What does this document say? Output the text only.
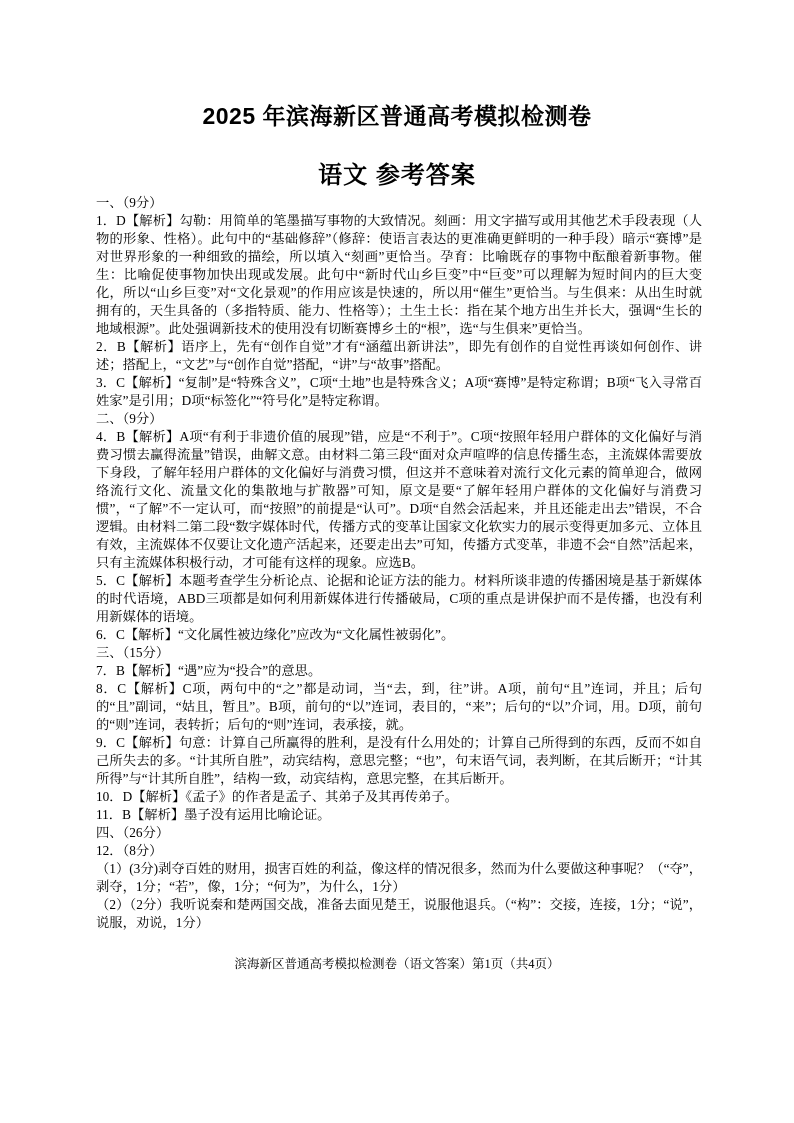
2025 年滨海新区普通高考模拟检测卷
语文 参考答案

一、（9分）

1．D【解析】勾勒：用简单的笔墨描写事物的大致情况。刻画：用文字描写或用其他艺术手段表现（人物的形象、性格）。此句中的“基础修辞”（修辞：使语言表达的更准确更鲜明的一种手段）暗示“赛博”是对世界形象的一种细致的描绘，所以填入“刻画”更恰当。孕育：比喻既存的事物中酝酿着新事物。催生：比喻促使事物加快出现或发展。此句中“新时代山乡巨变”中“巨变”可以理解为短时间内的巨大变化，所以“山乡巨变”对“文化景观”的作用应该是快速的，所以用“催生”更恰当。与生俱来：从出生时就拥有的，天生具备的（多指特质、能力、性格等）；土生土长：指在某个地方出生并长大，强调“生长的地域根源”。此处强调新技术的使用没有切断赛博乡土的“根”，选“与生俱来”更恰当。

2．B【解析】语序上，先有“创作自觉”才有“涵蕴出新讲法”，即先有创作的自觉性再谈如何创作、讲述；搭配上，“文艺”与“创作自觉”搭配，“讲”与“故事”搭配。

3．C【解析】“复制”是“特殊含义”，C项“土地”也是特殊含义；A项“赛博”是特定称谓；B项“飞入寻常百姓家”是引用；D项“标签化”“符号化”是特定称谓。

二、（9分）

4．B【解析】A项“有利于非遗价值的展现”错，应是“不利于”。C项“按照年轻用户群体的文化偏好与消费习惯去赢得流量”错误，曲解文意。由材料二第三段“面对众声喧哗的信息传播生态，主流媒体需要放下身段，了解年轻用户群体的文化偏好与消费习惯，但这并不意味着对流行文化元素的简单迎合，做网络流行文化、流量文化的集散地与扩散器”可知，原文是要“了解年轻用户群体的文化偏好与消费习惯”，“了解”不一定认可，而“按照”的前提是“认可”。D项“自然会活起来，并且还能走出去”错误，不合逻辑。由材料二第二段“数字媒体时代，传播方式的变革让国家文化软实力的展示变得更加多元、立体且有效，主流媒体不仅要让文化遗产活起来，还要走出去”可知，传播方式变革，非遗不会“自然”活起来，只有主流媒体积极行动，才可能有这样的现象。应选B。

5．C【解析】本题考查学生分析论点、论据和论证方法的能力。材料所谈非遗的传播困境是基于新媒体的时代语境，ABD三项都是如何利用新媒体进行传播破局，C项的重点是讲保护而不是传播，也没有利用新媒体的语境。

6．C【解析】“文化属性被边缘化”应改为“文化属性被弱化”。

三、（15分）

7．B【解析】“遇”应为“投合”的意思。

8．C【解析】C项，两句中的“之”都是动词，当“去，到，往”讲。A项，前句“且”连词，并且；后句的“且”副词，“姑且，暂且”。B项，前句的“以”连词，表目的，“来”；后句的“以”介词，用。D项，前句的“则”连词，表转折；后句的“则”连词，表承接，就。

9．C【解析】句意：计算自己所赢得的胜利，是没有什么用处的；计算自己所得到的东西，反而不如自己所失去的多。“计其所自胜”，动宾结构，意思完整；“也”，句末语气词，表判断，在其后断开；“计其所得”与“计其所自胜”，结构一致，动宾结构，意思完整，在其后断开。

10．D【解析】《孟子》的作者是孟子、其弟子及其再传弟子。

11．B【解析】墨子没有运用比喻论证。

四、（26分）

12．（8分）

（1）(3分)剥夺百姓的财用，损害百姓的利益，像这样的情况很多，然而为什么要做这种事呢？（“夺”，剥夺，1分；“若”，像，1分；“何为”，为什么，1分）

（2）（2分）我听说秦和楚两国交战，准备去面见楚王，说服他退兵。（“构”：交接，连接，1分；“说”，说服，劝说，1分）

滨海新区普通高考模拟检测卷（语文答案）第1页（共4页）
